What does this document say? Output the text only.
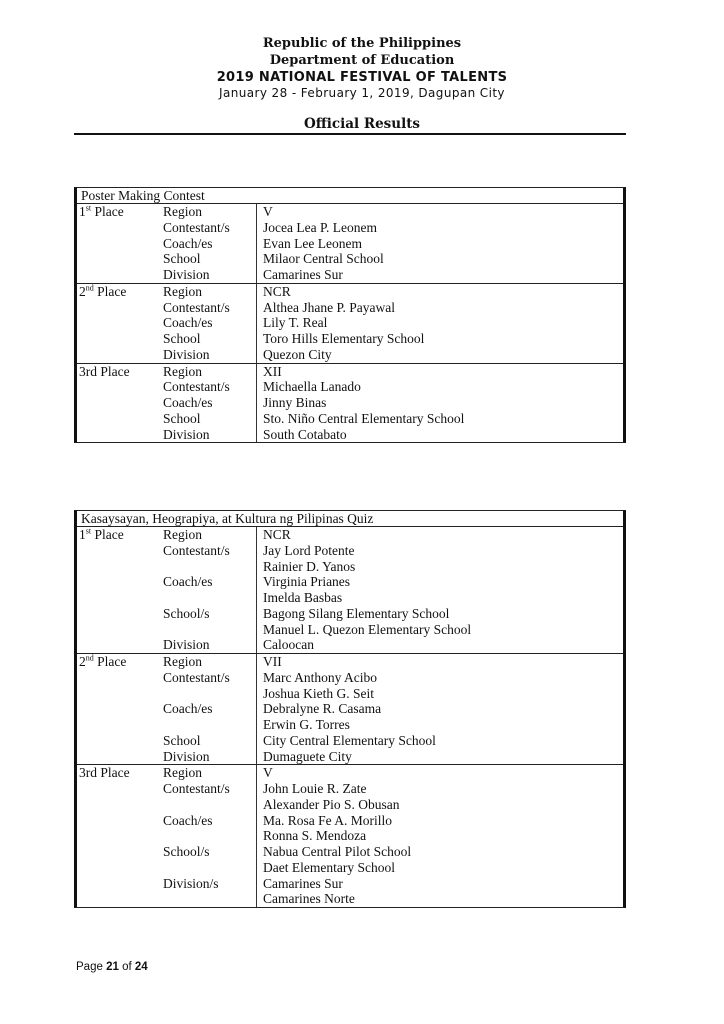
Republic of the Philippines
Department of Education
2019 NATIONAL FESTIVAL OF TALENTS
January 28 - February 1, 2019, Dagupan City
Official Results
Poster Making Contest
1st Place	Region	V
Contestant/s Jocea Lea P. Leonem
Coach/es	Evan Lee Leonem
School	Milaor Central School
Division	Camarines Sur
2nd Place	Region	NCR
Contestant/s Althea Jhane P. Payawal
Coach/es	Lily T. Real
School	Toro Hills Elementary School
Division	Quezon City
3rd Place Region	XII
Contestant/s Michaella Lanado
Coach/es	Jinny Binas
School	Sto. Niño Central Elementary School
Division	South Cotabato
Kasaysayan, Heograpiya, at Kultura ng Pilipinas Quiz
1st Place	Region	NCR
Contestant/s Jay Lord Potente
Rainier D. Yanos
Coach/es	Virginia Prianes
Imelda Basbas
School/s	Bagong Silang Elementary School
Manuel L. Quezon Elementary School
Division	Caloocan
2nd Place	Region	VII
Contestant/s Marc Anthony Acibo
Joshua Kieth G. Seit
Coach/es	Debralyne R. Casama
Erwin G. Torres
School	City Central Elementary School
Division	Dumaguete City
3rd Place Region	V
Contestant/s John Louie R. Zate
Alexander Pio S. Obusan
Coach/es	Ma. Rosa Fe A. Morillo
Ronna S. Mendoza
School/s	Nabua Central Pilot School
Daet Elementary School
Division/s	Camarines Sur
Camarines Norte
Page 21 of 24
